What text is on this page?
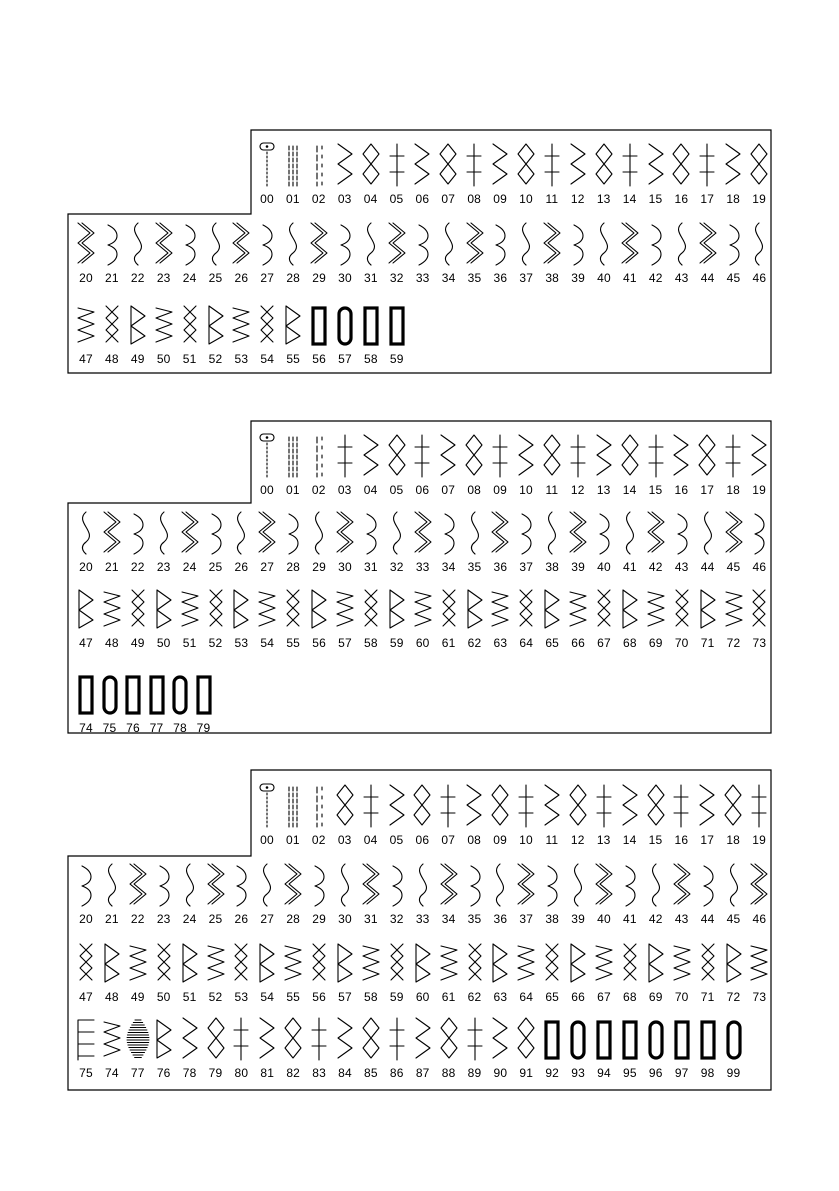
00	01	02	03	04	05	06	07	08	09	10	11	12	13	14	15	16	17	18	19
20	21	22	23	24	25	26	27	28	29	30	31	32	33	34	35	36	37	38	39	40	41	42	43	44	45	46
47	48	49	50	51	52	53	54	55	56	57	58	59
00	01	02	03	04	05	06	07	08	09	10	11	12	13	14	15	16	17	18	19
20	21	22	23	24	25	26	27	28	29	30	31	32	33	34	35	36	37	38	39	40	41	42	43	44	45	46
47	48	49	50	51	52	53	54	55	56	57	58	59	60	61	62	63	64	65	66	67	68	69	70	71	72	73
74 75 76 77 78 79
00	01	02	03	04	05	06	07	08	09	10	11	12	13	14	15	16	17	18	19
20	21	22	23	24	25	26	27	28	29	30	31	32	33	34	35	36	37	38	39	40	41	42	43	44	45	46
47	48	49	50	51	52	53	54	55	56	57	58	59	60	61	62	63	64	65	66	67	68	69	70	71	72	73
75	74	77	76	78	79	80	81	82	83	84	85	86	87	88	89	90	91	92	93	94	95	96	97	98	99
